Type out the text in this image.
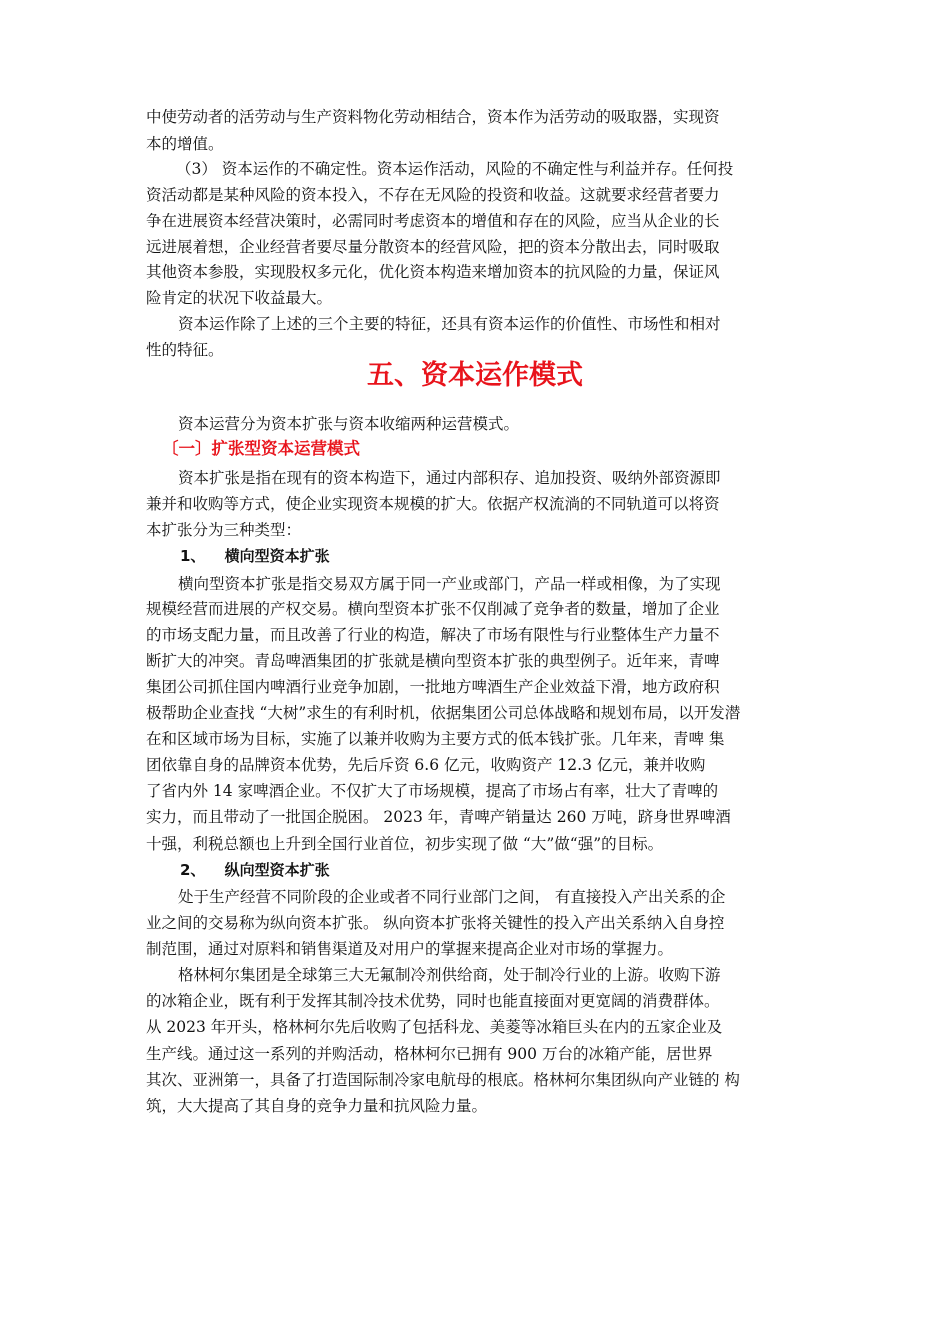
中使劳动者的活劳动与生产资料物化劳动相结合，资本作为活劳动的吸取器，实现资
本的增值。
（3） 资本运作的不确定性。资本运作活动，风险的不确定性与利益并存。任何投
资活动都是某种风险的资本投入，不存在无风险的投资和收益。这就要求经营者要力
争在进展资本经营决策时，必需同时考虑资本的增值和存在的风险，应当从企业的长
远进展着想，企业经营者要尽量分散资本的经营风险，把的资本分散出去，同时吸取
其他资本参股，实现股权多元化，优化资本构造来增加资本的抗风险的力量，保证风
险肯定的状况下收益最大。
资本运作除了上述的三个主要的特征，还具有资本运作的价值性、市场性和相对
性的特征。
五、资本运作模式
资本运营分为资本扩张与资本收缩两种运营模式。
〔一〕扩张型资本运营模式
资本扩张是指在现有的资本构造下，通过内部积存、追加投资、吸纳外部资源即
兼并和收购等方式，使企业实现资本规模的扩大。依据产权流淌的不同轨道可以将资
本扩张分为三种类型：
1、 横向型资本扩张
横向型资本扩张是指交易双方属于同一产业或部门，产品一样或相像，为了实现
规模经营而进展的产权交易。横向型资本扩张不仅削减了竞争者的数量，增加了企业
的市场支配力量，而且改善了行业的构造，解决了市场有限性与行业整体生产力量不
断扩大的冲突。青岛啤酒集团的扩张就是横向型资本扩张的典型例子。近年来，青啤
集团公司抓住国内啤酒行业竞争加剧，一批地方啤酒生产企业效益下滑，地方政府积
极帮助企业查找 “大树”求生的有利时机，依据集团公司总体战略和规划布局，以开发潜
在和区域市场为目标，实施了以兼并收购为主要方式的低本钱扩张。几年来，青啤 集
团依靠自身的品牌资本优势，先后斥资 6.6 亿元，收购资产 12.3 亿元，兼并收购
了省内外 14 家啤酒企业。不仅扩大了市场规模，提高了市场占有率，壮大了青啤的
实力，而且带动了一批国企脱困。 2023 年，青啤产销量达 260 万吨，跻身世界啤酒
十强，利税总额也上升到全国行业首位，初步实现了做 “大”做“强”的目标。
2、 纵向型资本扩张
处于生产经营不同阶段的企业或者不同行业部门之间， 有直接投入产出关系的企
业之间的交易称为纵向资本扩张。 纵向资本扩张将关键性的投入产出关系纳入自身控
制范围，通过对原料和销售渠道及对用户的掌握来提高企业对市场的掌握力。
格林柯尔集团是全球第三大无氟制冷剂供给商，处于制冷行业的上游。收购下游
的冰箱企业，既有利于发挥其制冷技术优势，同时也能直接面对更宽阔的消费群体。
从 2023 年开头，格林柯尔先后收购了包括科龙、美菱等冰箱巨头在内的五家企业及
生产线。通过这一系列的并购活动，格林柯尔已拥有 900 万台的冰箱产能，居世界
其次、亚洲第一，具备了打造国际制冷家电航母的根底。格林柯尔集团纵向产业链的 构
筑，大大提高了其自身的竞争力量和抗风险力量。
